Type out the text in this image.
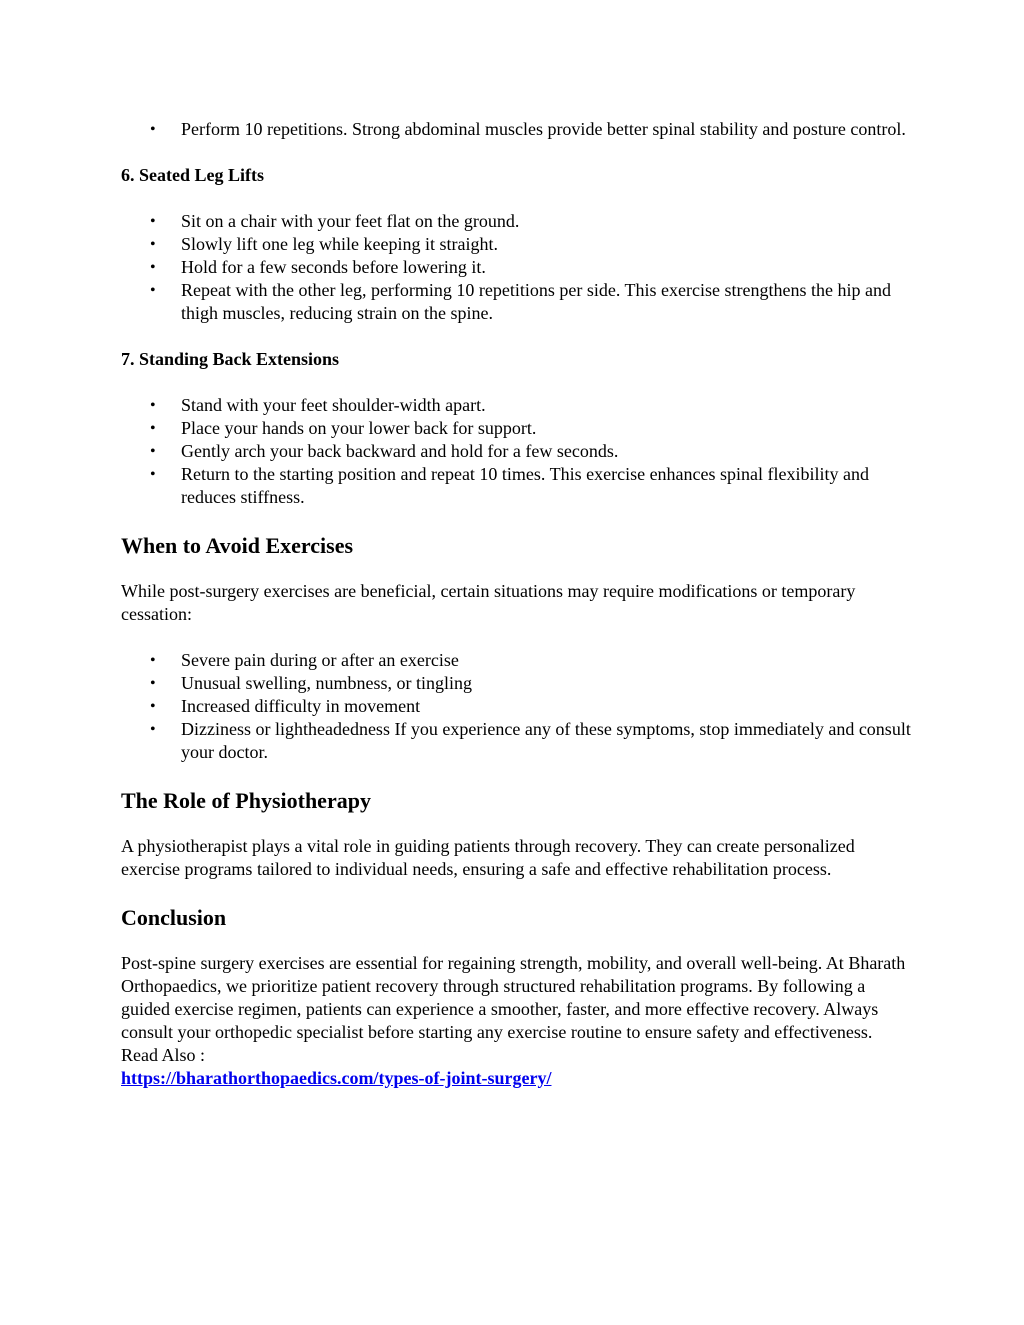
• Perform 10 repetitions. Strong abdominal muscles provide better spinal stability and posture control.
6. Seated Leg Lifts
• Sit on a chair with your feet flat on the ground.
• Slowly lift one leg while keeping it straight.
• Hold for a few seconds before lowering it.
• Repeat with the other leg, performing 10 repetitions per side. This exercise strengthens the hip and thigh muscles, reducing strain on the spine.
7. Standing Back Extensions
• Stand with your feet shoulder-width apart.
• Place your hands on your lower back for support.
• Gently arch your back backward and hold for a few seconds.
• Return to the starting position and repeat 10 times. This exercise enhances spinal flexibility and reduces stiffness.
When to Avoid Exercises

While post-surgery exercises are beneficial, certain situations may require modifications or temporary cessation:

• Severe pain during or after an exercise
• Unusual swelling, numbness, or tingling
• Increased difficulty in movement
• Dizziness or lightheadedness If you experience any of these symptoms, stop immediately and consult your doctor.
The Role of Physiotherapy

A physiotherapist plays a vital role in guiding patients through recovery. They can create personalized exercise programs tailored to individual needs, ensuring a safe and effective rehabilitation process.

Conclusion

Post-spine surgery exercises are essential for regaining strength, mobility, and overall well-being. At Bharath Orthopaedics, we prioritize patient recovery through structured rehabilitation programs. By following a guided exercise regimen, patients can experience a smoother, faster, and more effective recovery. Always consult your orthopedic specialist before starting any exercise routine to ensure safety and effectiveness. Read Also :
https://bharathorthopaedics.com/types-of-joint-surgery/
